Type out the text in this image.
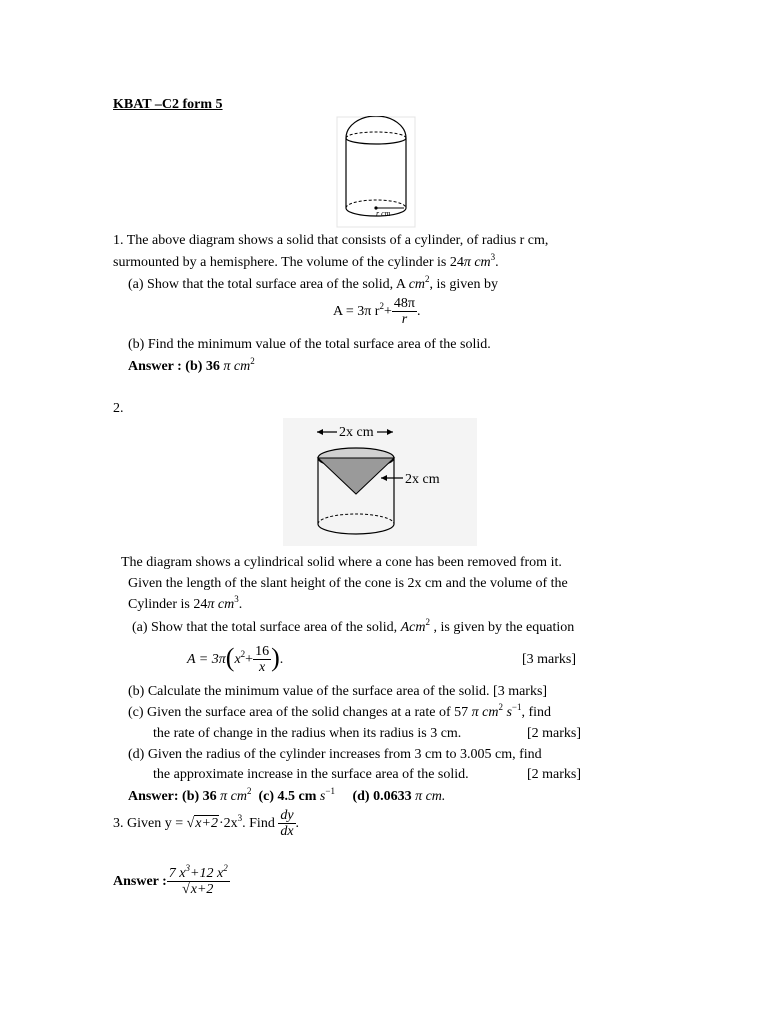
KBAT –C2 form 5
r cm
1. The above diagram shows a solid that consists of a cylinder, of radius r cm,
surmounted by a hemisphere. The volume of the cylinder is 24π $cm^3$.
(a) Show that the total surface area of the solid, A $cm^2$, is given by
A = 3π $r^2+ \frac{48\pi}{r}$ .
(b) Find the minimum value of the total surface area of the solid.
Answer : (b) 36 π $cm^2$
2.
2x cm
2x cm
The diagram shows a cylindrical solid where a cone has been removed from it.
Given the length of the slant height of the cone is 2x cm and the volume of the
Cylinder is 24π $cm^3$.
(a) Show that the total surface area of the solid, Acm$^2$ , is given by the equation
$A = 3\pi(x^2+ \frac{16}{x}$ ).	[3 marks]
(b) Calculate the minimum value of the surface area of the solid. [3 marks]
(c) Given the surface area of the solid changes at a rate of 57 π $cm^2$ $s^{-1}$, find
the rate of change in the radius when its radius is 3 cm.	[2 marks]
(d) Given the radius of the cylinder increases from 3 cm to 3.005 cm, find
the approximate increase in the surface area of the solid.	[2 marks]
Answer: (b) 36 π $cm^2$ (c) 4.5 cm $s^{-1}$ (d) 0.0633 π cm.
3. Given $y = √x+2\cdot 2x^3$. Find $\frac{dy}{dx}$ .
Answer : $\frac{7 x^3+12 x^2}{√x+2}$
